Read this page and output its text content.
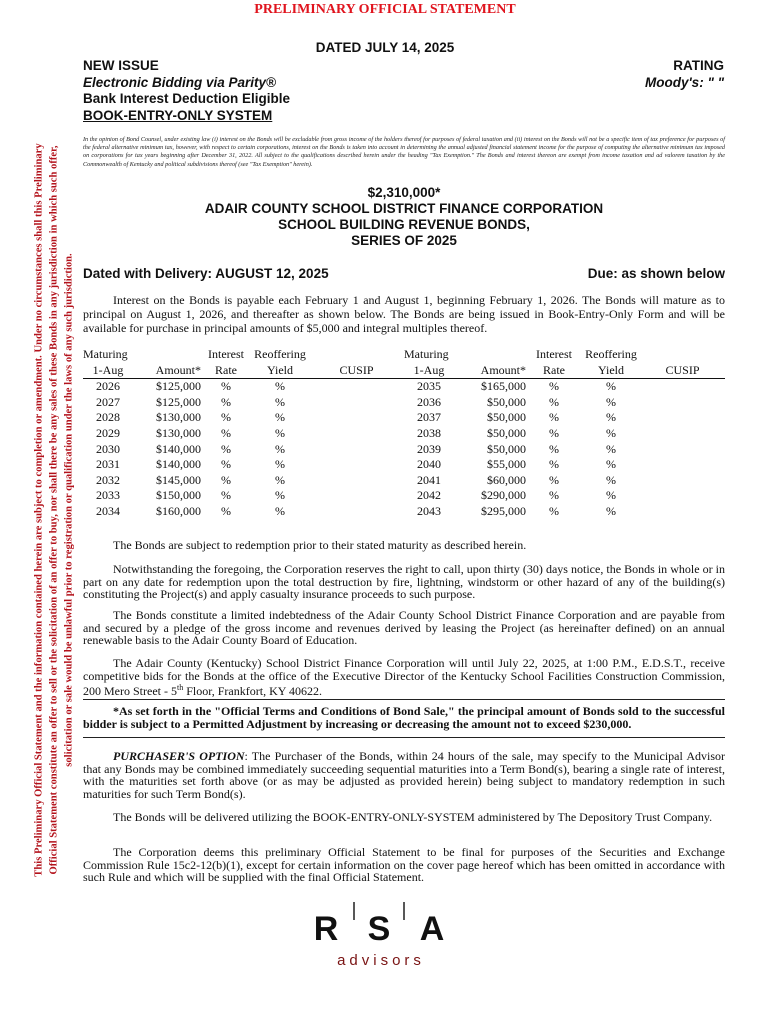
PRELIMINARY OFFICIAL STATEMENT
DATED JULY 14, 2025
NEW ISSUE
Electronic Bidding via Parity®
Bank Interest Deduction Eligible
BOOK-ENTRY-ONLY SYSTEM
RATING
Moody's: " "
This Preliminary Official Statement and the information contained herein are subject to completion or amendment. Under no circumstances shall this Preliminary Official Statement constitute an offer to sell or the solicitation of an offer to buy, nor shall there be any sales of these Bonds in any jurisdiction in which such offer, solicitation or sale would be unlawful prior to registration or qualification under the laws of any such jurisdiction.
In the opinion of Bond Counsel, under existing law (i) interest on the Bonds will be excludable from gross income of the holders thereof for purposes of federal taxation and (ii) interest on the Bonds will not be a specific item of tax preference for purposes of the federal alternative minimum tax, however, with respect to certain corporations, interest on the Bonds is taken into account in determining the annual adjusted financial statement income for the purpose of computing the alternative minimum tax imposed on corporations for tax years beginning after December 31, 2022. All subject to the qualifications described herein under the heading "Tax Exemption." The Bonds and interest thereon are exempt from income taxation and ad valorem taxation by the Commonwealth of Kentucky and political subdivisions thereof (see "Tax Exemption" herein).
$2,310,000*
ADAIR COUNTY SCHOOL DISTRICT FINANCE CORPORATION
SCHOOL BUILDING REVENUE BONDS,
SERIES OF 2025
Dated with Delivery: AUGUST 12, 2025	Due: as shown below
Interest on the Bonds is payable each February 1 and August 1, beginning February 1, 2026. The Bonds will mature as to principal on August 1, 2026, and thereafter as shown below. The Bonds are being issued in Book-Entry-Only Form and will be available for purchase in principal amounts of $5,000 and integral multiples thereof.
Maturing		Interest	Reoffering		Maturing		Interest	Reoffering	
1-Aug	Amount*	Rate	Yield	CUSIP	1-Aug	Amount*	Rate	Yield	CUSIP
2026	$125,000	%	%		2035	$165,000	%	%	
2027	$125,000	%	%		2036	$50,000	%	%	
2028	$130,000	%	%		2037	$50,000	%	%	
2029	$130,000	%	%		2038	$50,000	%	%	
2030	$140,000	%	%		2039	$50,000	%	%	
2031	$140,000	%	%		2040	$55,000	%	%	
2032	$145,000	%	%		2041	$60,000	%	%	
2033	$150,000	%	%		2042	$290,000	%	%	
2034	$160,000	%	%		2043	$295,000	%	%	
The Bonds are subject to redemption prior to their stated maturity as described herein.
Notwithstanding the foregoing, the Corporation reserves the right to call, upon thirty (30) days notice, the Bonds in whole or in part on any date for redemption upon the total destruction by fire, lightning, windstorm or other hazard of any of the building(s) constituting the Project(s) and apply casualty insurance proceeds to such purpose.
The Bonds constitute a limited indebtedness of the Adair County School District Finance Corporation and are payable from and secured by a pledge of the gross income and revenues derived by leasing the Project (as hereinafter defined) on an annual renewable basis to the Adair County Board of Education.
The Adair County (Kentucky) School District Finance Corporation will until July 22, 2025, at 1:00 P.M., E.D.S.T., receive competitive bids for the Bonds at the office of the Executive Director of the Kentucky School Facilities Construction Commission, 200 Mero Street - 5th Floor, Frankfort, KY 40622.
*As set forth in the "Official Terms and Conditions of Bond Sale," the principal amount of Bonds sold to the successful bidder is subject to a Permitted Adjustment by increasing or decreasing the amount not to exceed $230,000.
PURCHASER'S OPTION: The Purchaser of the Bonds, within 24 hours of the sale, may specify to the Municipal Advisor that any Bonds may be combined immediately succeeding sequential maturities into a Term Bond(s), bearing a single rate of interest, with the maturities set forth above (or as may be adjusted as provided herein) being subject to mandatory redemption in such maturities for such Term Bond(s).
The Bonds will be delivered utilizing the BOOK-ENTRY-ONLY-SYSTEM administered by The Depository Trust Company.
The Corporation deems this preliminary Official Statement to be final for purposes of the Securities and Exchange Commission Rule 15c2-12(b)(1), except for certain information on the cover page hereof which has been omitted in accordance with such Rule and which will be supplied with the final Official Statement.
R S A
advisors
